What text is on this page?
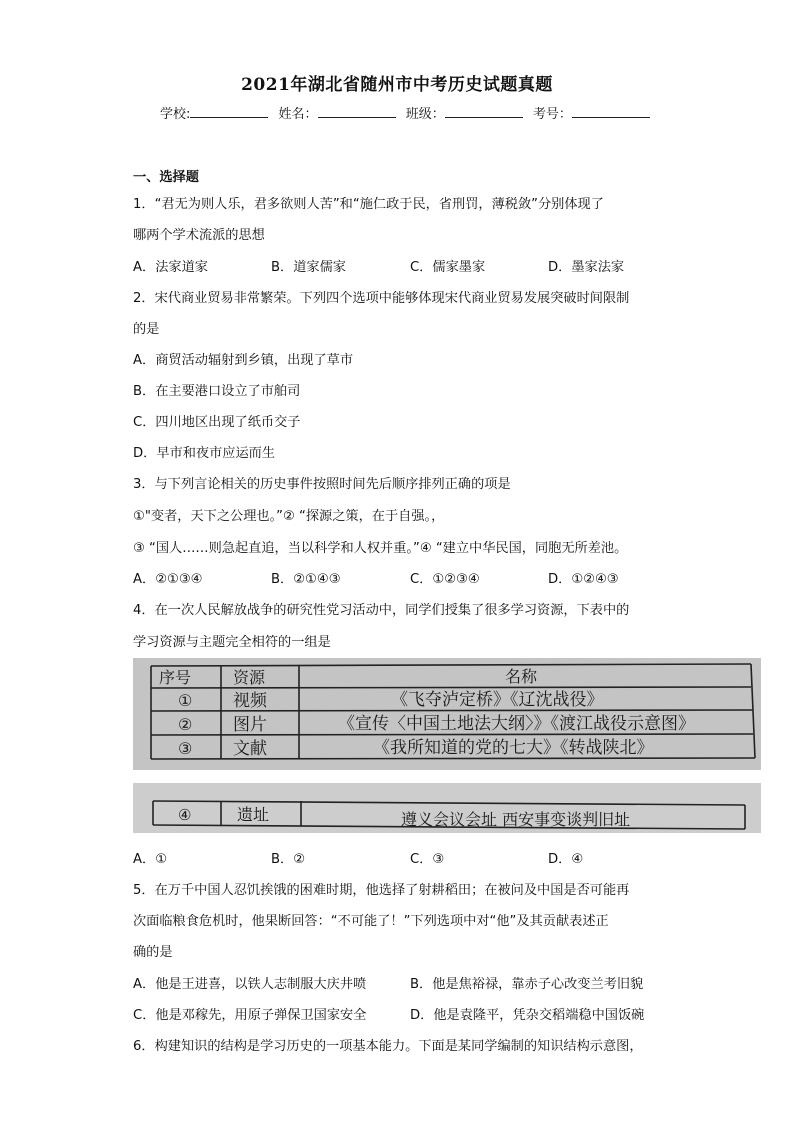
2021年湖北省随州市中考历史试题真题
学校:	姓名：	班级：	考号：
一、选择题
1．“君无为则人乐，君多欲则人苦”和“施仁政于民，省刑罚，薄税敛”分别体现了
哪两个学术流派的思想
A．法家道家	B．道家儒家	C．儒家墨家	D．墨家法家
2．宋代商业贸易非常繁荣。下列四个选项中能够体现宋代商业贸易发展突破时间限制
的是
A．商贸活动辐射到乡镇，出现了草市
B．在主要港口设立了市舶司
C．四川地区出现了纸币交子
D．早市和夜市应运而生
3．与下列言论相关的历史事件按照时间先后顺序排列正确的项是
①"变者，天下之公理也。”② “探源之策，在于自强。，
③ “国人……则急起直追，当以科学和人权并重。”④ “建立中华民国，同胞无所差池。
A．②①③④	B．②①④③	C．①②③④	D．①②④③
4．在一次人民解放战争的研究性党习活动中，同学们授集了很多学习资源，下表中的
学习资源与主题完全相符的一组是
序号	资源	名称
① 视频	《飞夺泸定桥》《辽沈战役》
② 图片	《宣传〈中国土地法大纲〉》《渡江战役示意图》
③ 文献	《我所知道的党的七大》《转战陕北》
④	遗址	遵义会议会址 西安事变谈判旧址
A．①	B．②	C．③	D．④
5．在万千中国人忍饥挨饿的困难时期，他选择了射耕稻田；在被问及中国是否可能再
次面临粮食危机时，他果断回答：“不可能了！”下列选项中对“他”及其贡献表述正
确的是
A．他是王进喜，以铁人志制服大庆井喷	B．他是焦裕禄，靠赤子心改变兰考旧貌
C．他是邓稼先，用原子弹保卫国家安全	D．他是袁隆平，凭杂交稻端稳中国饭碗
6．构建知识的结构是学习历史的一项基本能力。下面是某同学编制的知识结构示意图，
